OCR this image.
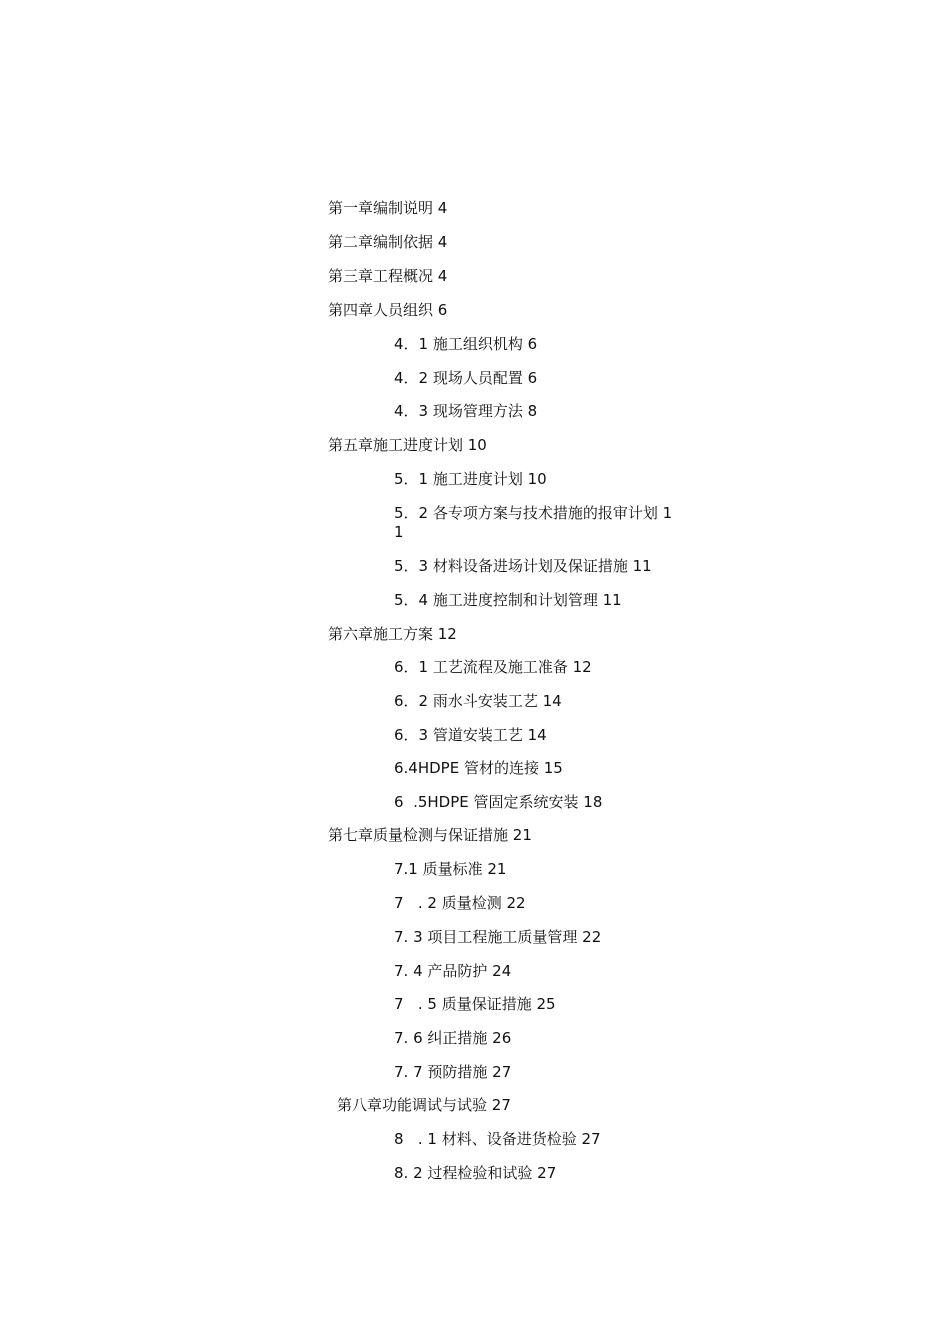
第一章编制说明 4
第二章编制依据 4
第三章工程概况 4
第四章人员组织 6
4．1 施工组织机构 6
4．2 现场人员配置 6
4．3 现场管理方法 8
第五章施工进度计划 10
5．1 施工进度计划 10
5．2 各专项方案与技术措施的报审计划 1
1
5．3 材料设备进场计划及保证措施 11
5．4 施工进度控制和计划管理 11
第六章施工方案 12
6．1 工艺流程及施工准备 12
6．2 雨水斗安装工艺 14
6．3 管道安装工艺 14
6.4HDPE 管材的连接 15
6  .5HDPE 管固定系统安装 18
第七章质量检测与保证措施 21
7.1 质量标准 21
7   . 2 质量检测 22
7. 3 项目工程施工质量管理 22
7. 4 产品防护 24
7   . 5 质量保证措施 25
7. 6 纠正措施 26
7. 7 预防措施 27
第八章功能调试与试验 27
8   . 1 材料、设备进货检验 27
8. 2 过程检验和试验 27
